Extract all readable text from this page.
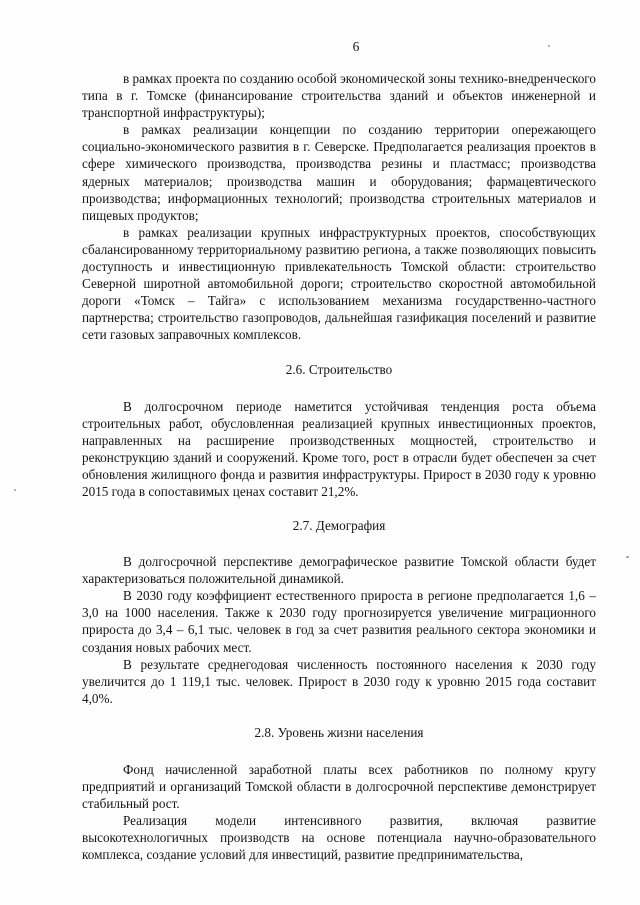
6

в рамках проекта по созданию особой экономической зоны технико-внедренческого типа в г. Томске (финансирование строительства зданий и объектов инженерной и транспортной инфраструктуры);

в рамках реализации концепции по созданию территории опережающего социально-экономического развития в г. Северске. Предполагается реализация проектов в сфере химического производства, производства резины и пластмасс; производства ядерных материалов; производства машин и оборудования; фармацевтического производства; информационных технологий; производства строительных материалов и пищевых продуктов;

в рамках реализации крупных инфраструктурных проектов, способствующих сбалансированному территориальному развитию региона, а также позволяющих повысить доступность и инвестиционную привлекательность Томской области: строительство Северной широтной автомобильной дороги; строительство скоростной автомобильной дороги «Томск – Тайга» с использованием механизма государственно-частного партнерства; строительство газопроводов, дальнейшая газификация поселений и развитие сети газовых заправочных комплексов.

2.6. Строительство

В долгосрочном периоде наметится устойчивая тенденция роста объема строительных работ, обусловленная реализацией крупных инвестиционных проектов, направленных на расширение производственных мощностей, строительство и реконструкцию зданий и сооружений. Кроме того, рост в отрасли будет обеспечен за счет обновления жилищного фонда и развития инфраструктуры. Прирост в 2030 году к уровню 2015 года в сопоставимых ценах составит 21,2%.

2.7. Демография

В долгосрочной перспективе демографическое развитие Томской области будет характеризоваться положительной динамикой.

В 2030 году коэффициент естественного прироста в регионе предполагается 1,6 – 3,0 на 1000 населения. Также к 2030 году прогнозируется увеличение миграционного прироста до 3,4 – 6,1 тыс. человек в год за счет развития реального сектора экономики и создания новых рабочих мест.

В результате среднегодовая численность постоянного населения к 2030 году увеличится до 1 119,1 тыс. человек. Прирост в 2030 году к уровню 2015 года составит 4,0%.

2.8. Уровень жизни населения

Фонд начисленной заработной платы всех работников по полному кругу предприятий и организаций Томской области в долгосрочной перспективе демонстрирует стабильный рост.

Реализация модели интенсивного развития, включая развитие высокотехнологичных производств на основе потенциала научно-образовательного комплекса, создание условий для инвестиций, развитие предпринимательства,
